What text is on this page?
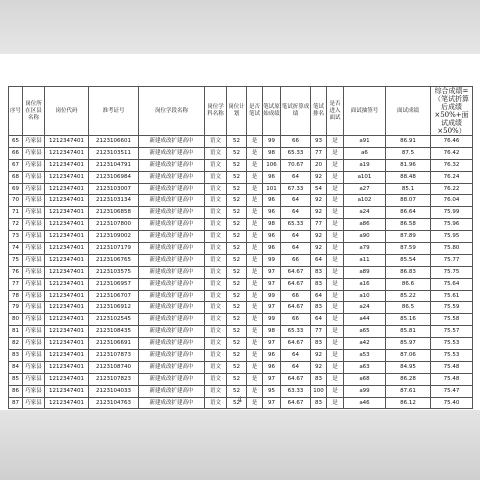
序号	岗位所在区县名称	岗位代码	准考证号	岗位学段名称	岗位学科名称	岗位计划	是否笔试	笔试原始成绩	笔试折算成绩	笔试排名	是否进入面试	面试抽签号	面试成绩	综合成绩=（笔试折算后成绩×50%+面试成绩×50%）
65	巧家县	1212347401	2123106601	新建成改扩建高中	语文	52	是	99	66	93	是	a91	86.91	76.46
66	巧家县	1212347401	2123103511	新建成改扩建高中	语文	52	是	98	65.33	77	是	a6	87.5	76.42
67	巧家县	1212347401	2123104791	新建成改扩建高中	语文	52	是	106	70.67	20	是	a19	81.96	76.32
68	巧家县	1212347401	2123106984	新建成改扩建高中	语文	52	是	96	64	92	是	a101	88.48	76.24
69	巧家县	1212347401	2123103007	新建成改扩建高中	语文	52	是	101	67.33	54	是	a27	85.1	76.22
70	巧家县	1212347401	2123103134	新建成改扩建高中	语文	52	是	96	64	92	是	a102	88.07	76.04
71	巧家县	1212347401	2123106858	新建成改扩建高中	语文	52	是	96	64	92	是	a24	86.64	75.99
72	巧家县	1212347401	2123107800	新建成改扩建高中	语文	52	是	98	65.33	77	是	a86	86.58	75.96
73	巧家县	1212347401	2123109002	新建成改扩建高中	语文	52	是	96	64	92	是	a90	87.89	75.95
74	巧家县	1212347401	2123107179	新建成改扩建高中	语文	52	是	96	64	92	是	a79	87.59	75.80
75	巧家县	1212347401	2123106765	新建成改扩建高中	语文	52	是	99	66	64	是	a11	85.54	75.77
76	巧家县	1212347401	2123103575	新建成改扩建高中	语文	52	是	97	64.67	83	是	a89	86.83	75.75
77	巧家县	1212347401	2123106957	新建成改扩建高中	语文	52	是	97	64.67	83	是	a16	86.6	75.64
78	巧家县	1212347401	2123106707	新建成改扩建高中	语文	52	是	99	66	64	是	a10	85.22	75.61
79	巧家县	1212347401	2123106912	新建成改扩建高中	语文	52	是	97	64.67	83	是	a24	86.5	75.59
80	巧家县	1212347401	2123102545	新建成改扩建高中	语文	52	是	99	66	64	是	a44	85.16	75.58
81	巧家县	1212347401	2123108435	新建成改扩建高中	语文	52	是	98	65.33	77	是	a65	85.81	75.57
82	巧家县	1212347401	2123106691	新建成改扩建高中	语文	52	是	97	64.67	83	是	a42	85.97	75.53
83	巧家县	1212347401	2123107873	新建成改扩建高中	语文	52	是	96	64	92	是	a53	87.06	75.53
84	巧家县	1212347401	2123108740	新建成改扩建高中	语文	52	是	96	64	92	是	a63	84.95	75.48
85	巧家县	1212347401	2123107823	新建成改扩建高中	语文	52	是	97	64.67	83	是	a68	86.28	75.48
86	巧家县	1212347401	2123104033	新建成改扩建高中	语文	52	是	95	63.33	100	是	a99	87.61	75.47
87	巧家县	1212347401	2123104763	新建成改扩建高中	语文	52	是	97	64.67	83	是	a46	86.12	75.40
4
